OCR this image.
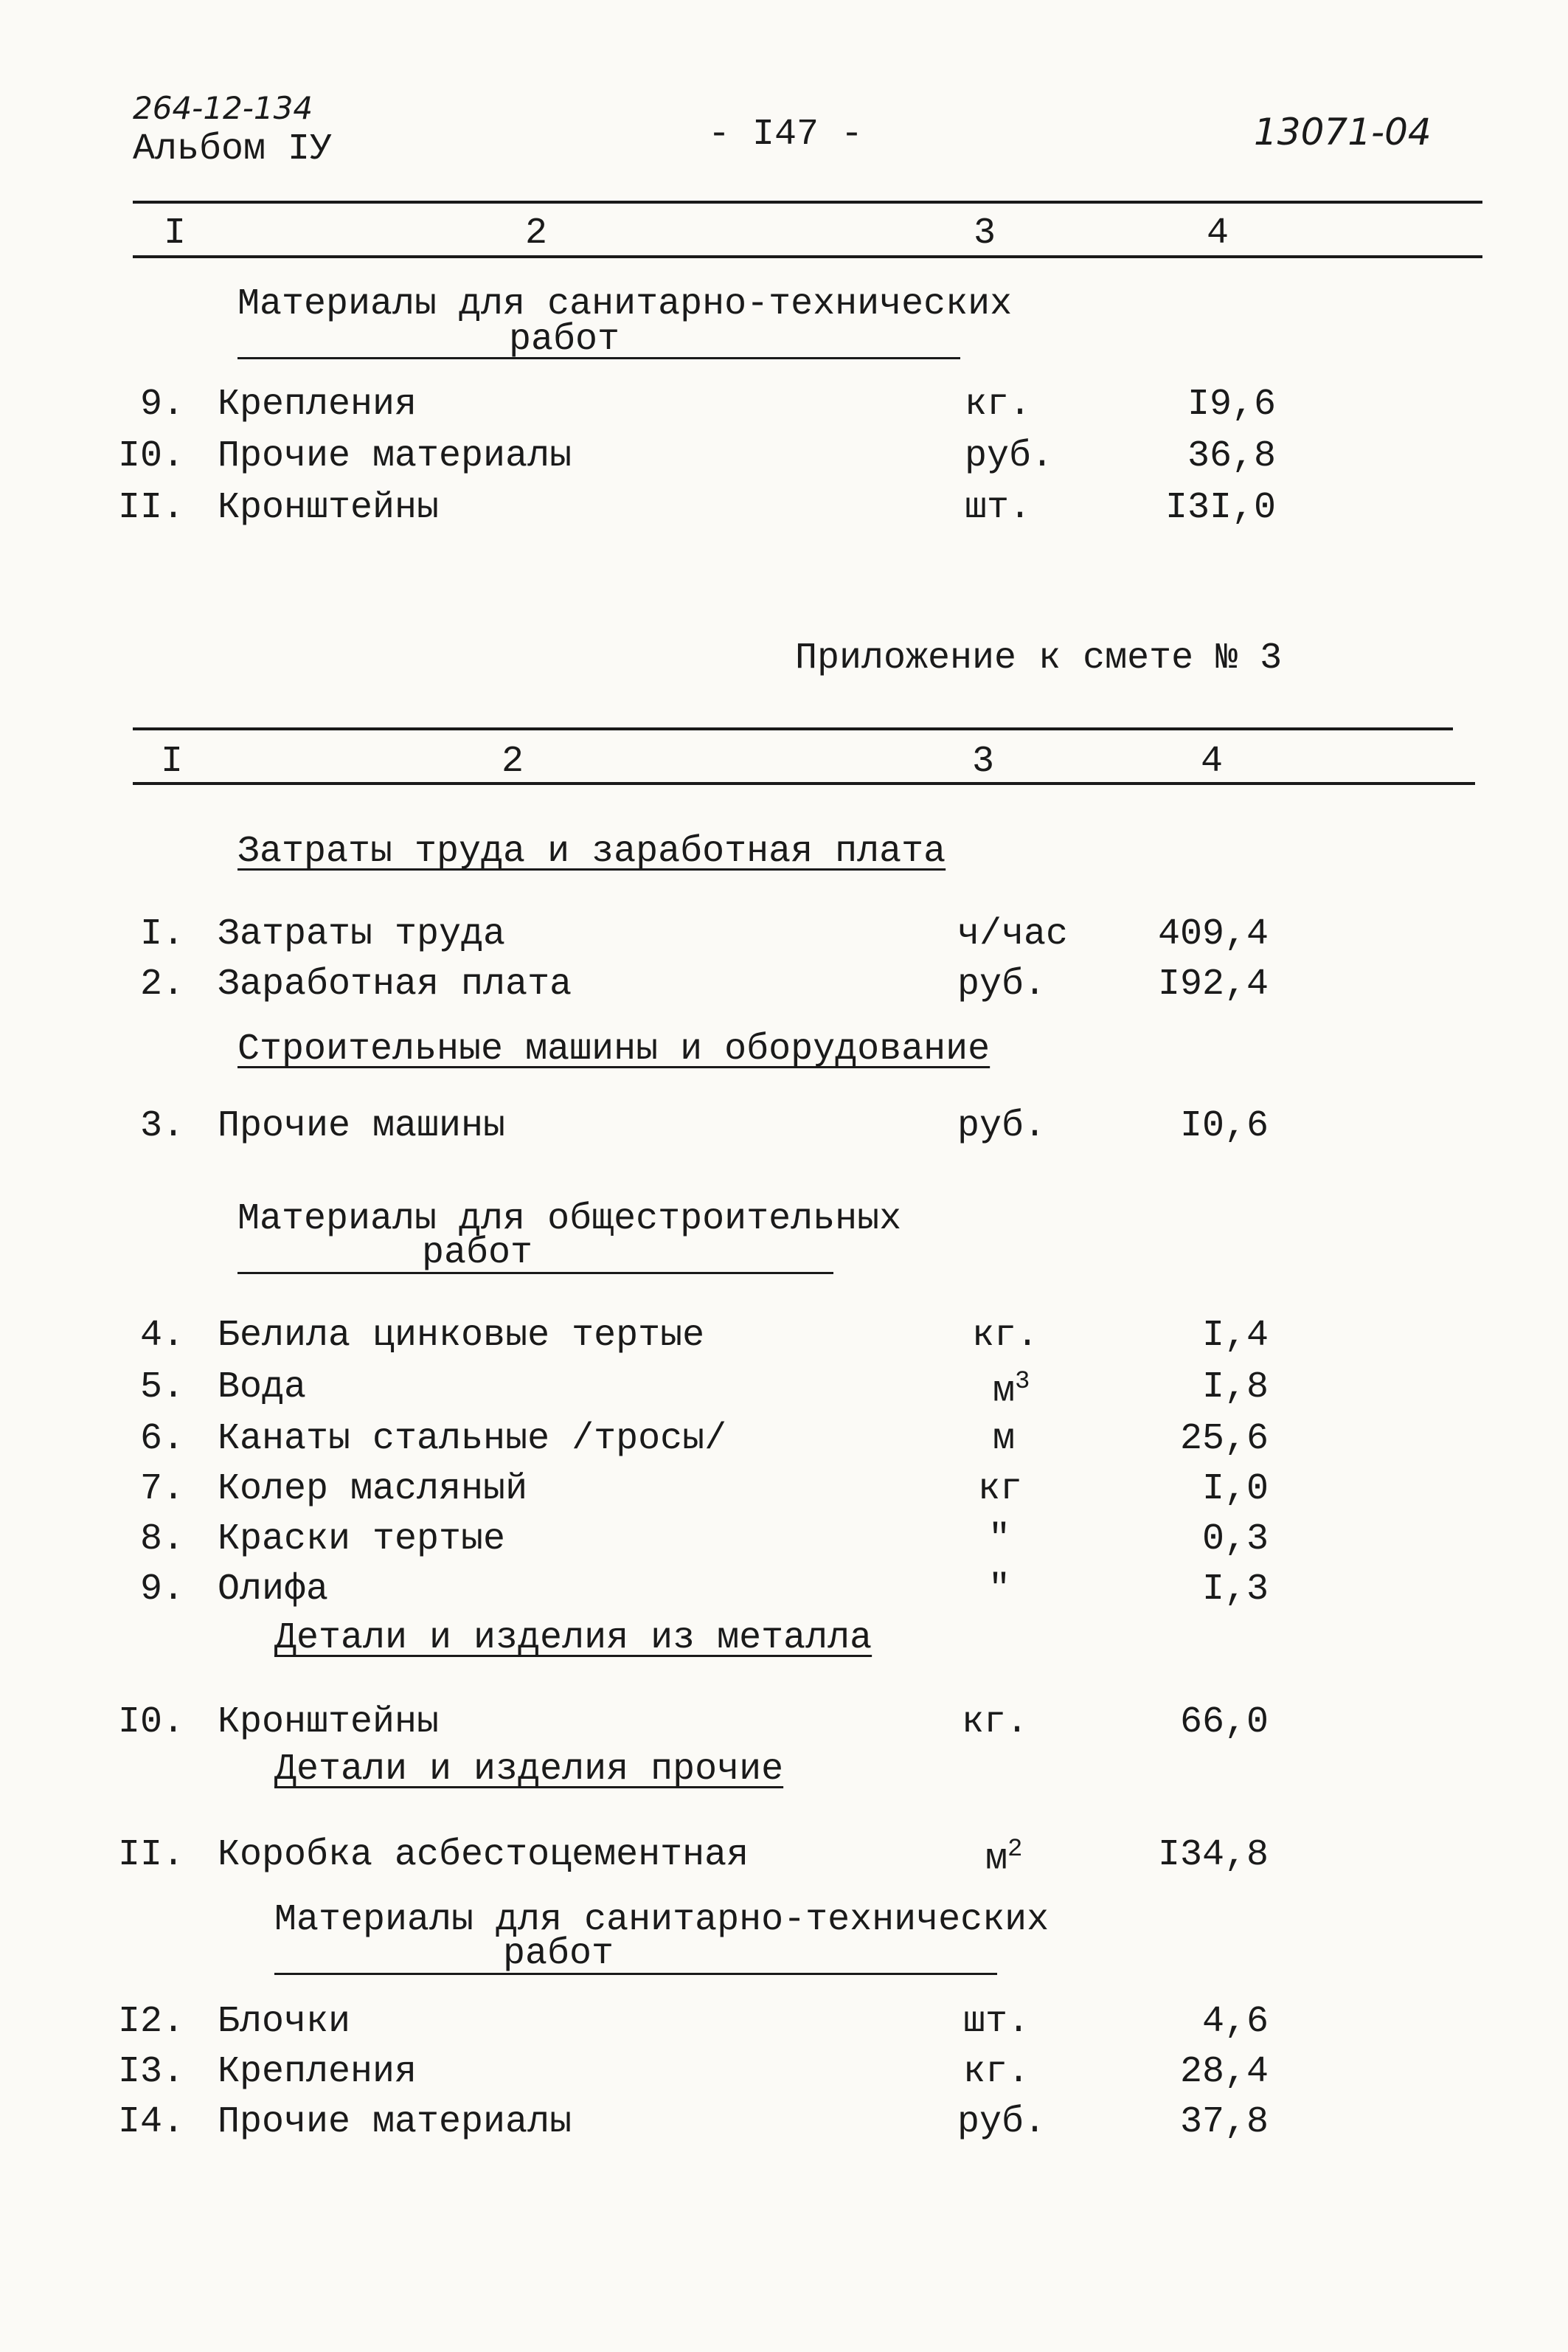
264-12-134
Альбом IУ	- I47 -	13071-04
I	2	3	4
Материалы для санитарно-технических
работ
9. Крепления	кг.	I9,6
I0. Прочие материалы	руб.	36,8
II. Кронштейны	шт.	I3I,0
Приложение к смете № 3
I	2	3	4
Затраты труда и заработная плата
I. Затраты труда	ч/час	409,4
2. Заработная плата	руб.	I92,4
Строительные машины и оборудование
3. Прочие машины	руб.	I0,6
Материалы для общестроительных
работ
4. Белила цинковые тертые	кг.	I,4
5. Вода	$м^3$	I,8
6. Канаты стальные /тросы/	м	25,6
7. Колер масляный	кг	I,0
8. Краски тертые	"	0,3
9. Олифа	"	I,3
Детали и изделия из металла
I0. Кронштейны	кг.	66,0
Детали и изделия прочие
II. Коробка асбестоцементная	$м^2$	I34,8
Материалы для санитарно-технических
работ
I2. Блочки	шт.	4,6
I3. Крепления	кг.	28,4
I4. Прочие материалы	руб.	37,8
